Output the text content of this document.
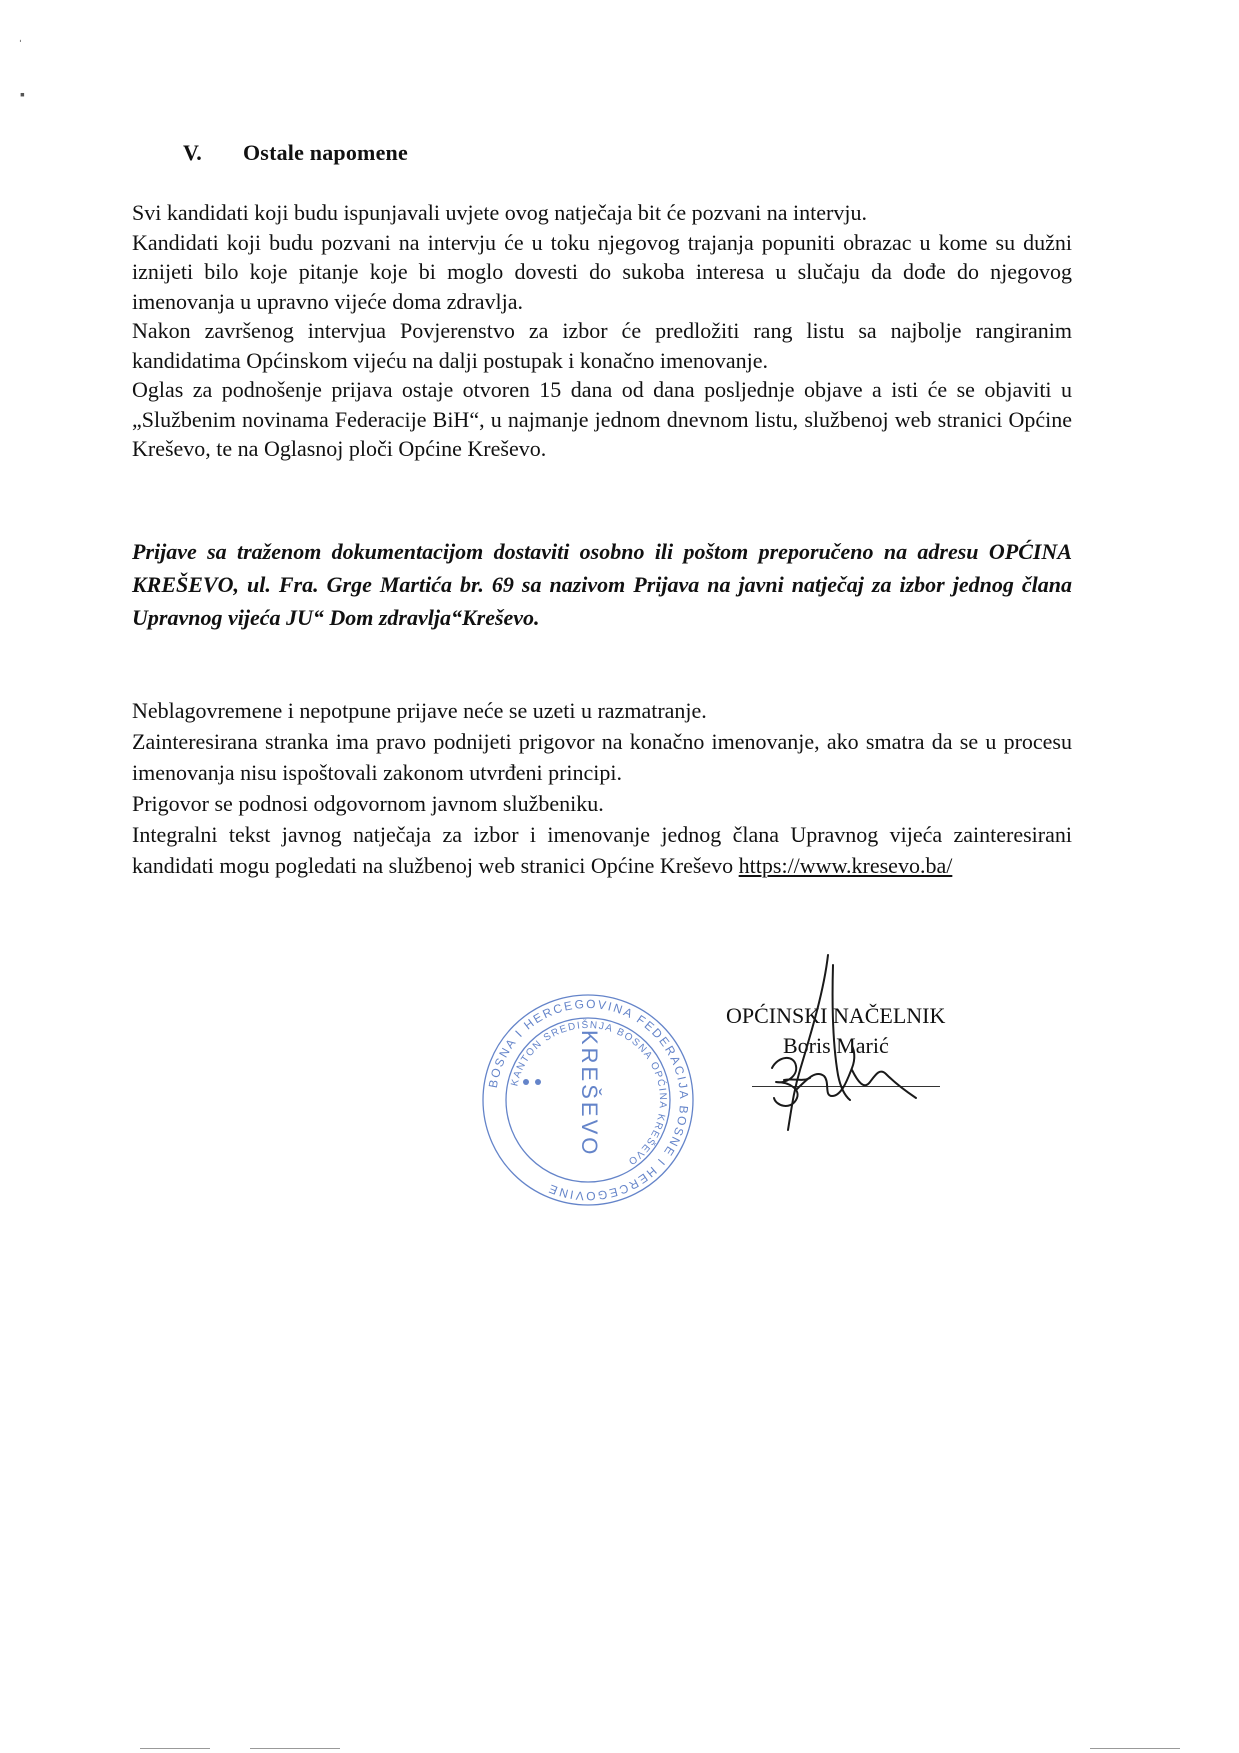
ˌ
▪
V. Ostale napomene

Svi kandidati koji budu ispunjavali uvjete ovog natječaja bit će pozvani na intervju.

Kandidati koji budu pozvani na intervju će u toku njegovog trajanja popuniti obrazac u kome su dužni iznijeti bilo koje pitanje koje bi moglo dovesti do sukoba interesa u slučaju da dođe do njegovog imenovanja u upravno vijeće doma zdravlja.

Nakon završenog intervjua Povjerenstvo za izbor će predložiti rang listu sa najbolje rangiranim kandidatima Općinskom vijeću na dalji postupak i konačno imenovanje.

Oglas za podnošenje prijava ostaje otvoren 15 dana od dana posljednje objave a isti će se objaviti u „Službenim novinama Federacije BiH“, u najmanje jednom dnevnom listu, službenoj web stranici Općine Kreševo, te na Oglasnoj ploči Općine Kreševo.

Prijave sa traženom dokumentacijom dostaviti osobno ili poštom preporučeno na adresu OPĆINA KREŠEVO, ul. Fra. Grge Martića br. 69 sa nazivom Prijava na javni natječaj za izbor jednog člana Upravnog vijeća JU“ Dom zdravlja“Kreševo.

Neblagovremene i nepotpune prijave neće se uzeti u razmatranje.

Zainteresirana stranka ima pravo podnijeti prigovor na konačno imenovanje, ako smatra da se u procesu imenovanja nisu ispoštovali zakonom utvrđeni principi.

Prigovor se podnosi odgovornom javnom službeniku.

Integralni tekst javnog natječaja za izbor i imenovanje jednog člana Upravnog vijeća zainteresirani kandidati mogu pogledati na službenoj web stranici Općine Kreševo https://www.kresevo.ba/

BOSNA I HERCEGOVINA FEDERACIJA BOSNE I HERCEGOVINE
KANTON SREDIŠNJA BOSNA OPĆINA KREŠEVO
KREŠEVO
OPĆINSKI NAČELNIK
Boris Marić
